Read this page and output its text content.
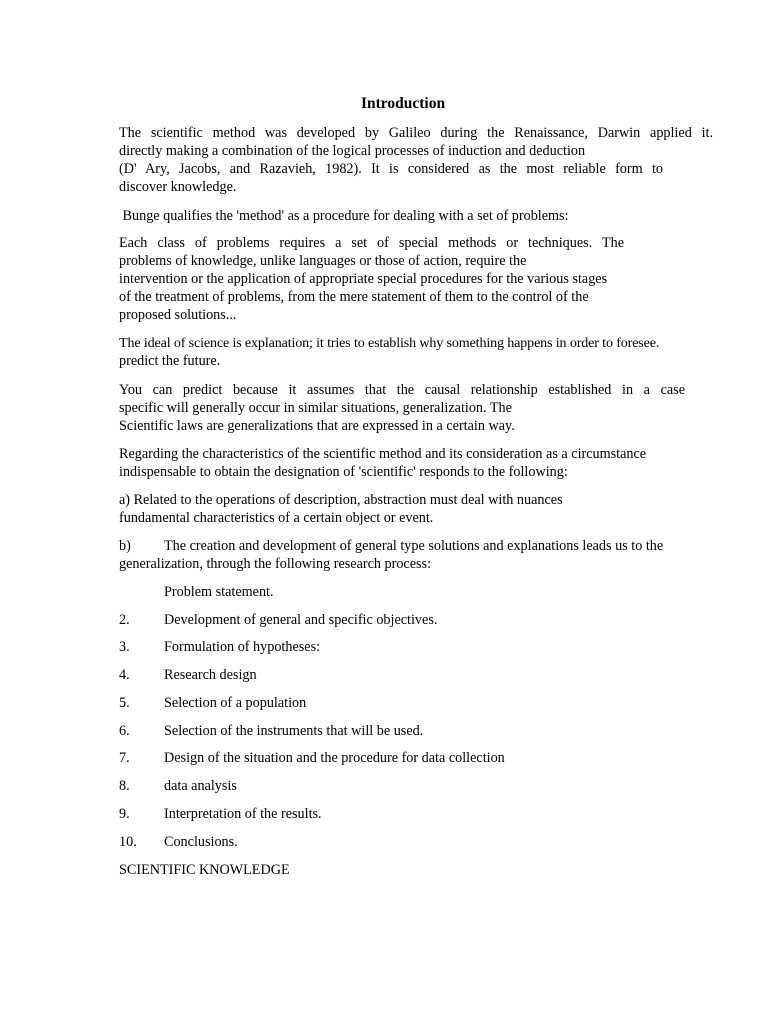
Introduction
The scientific method was developed by Galileo during the Renaissance, Darwin applied it.
directly making a combination of the logical processes of induction and deduction
(D' Ary, Jacobs, and Razavieh, 1982). It is considered as the most reliable form to
discover knowledge.
Bunge qualifies the 'method' as a procedure for dealing with a set of problems:
Each class of problems requires a set of special methods or techniques. The
problems of knowledge, unlike languages or those of action, require the
intervention or the application of appropriate special procedures for the various stages
of the treatment of problems, from the mere statement of them to the control of the
proposed solutions...
The ideal of science is explanation; it tries to establish why something happens in order to foresee.
predict the future.
You can predict because it assumes that the causal relationship established in a case
specific will generally occur in similar situations, generalization. The
Scientific laws are generalizations that are expressed in a certain way.
Regarding the characteristics of the scientific method and its consideration as a circumstance
indispensable to obtain the designation of 'scientific' responds to the following:
a) Related to the operations of description, abstraction must deal with nuances
fundamental characteristics of a certain object or event.
b) The creation and development of general type solutions and explanations leads us to the
generalization, through the following research process:
Problem statement.
2. Development of general and specific objectives.
3. Formulation of hypotheses:
4. Research design
5. Selection of a population
6. Selection of the instruments that will be used.
7. Design of the situation and the procedure for data collection
8. data analysis
9. Interpretation of the results.
10. Conclusions.
SCIENTIFIC KNOWLEDGE
